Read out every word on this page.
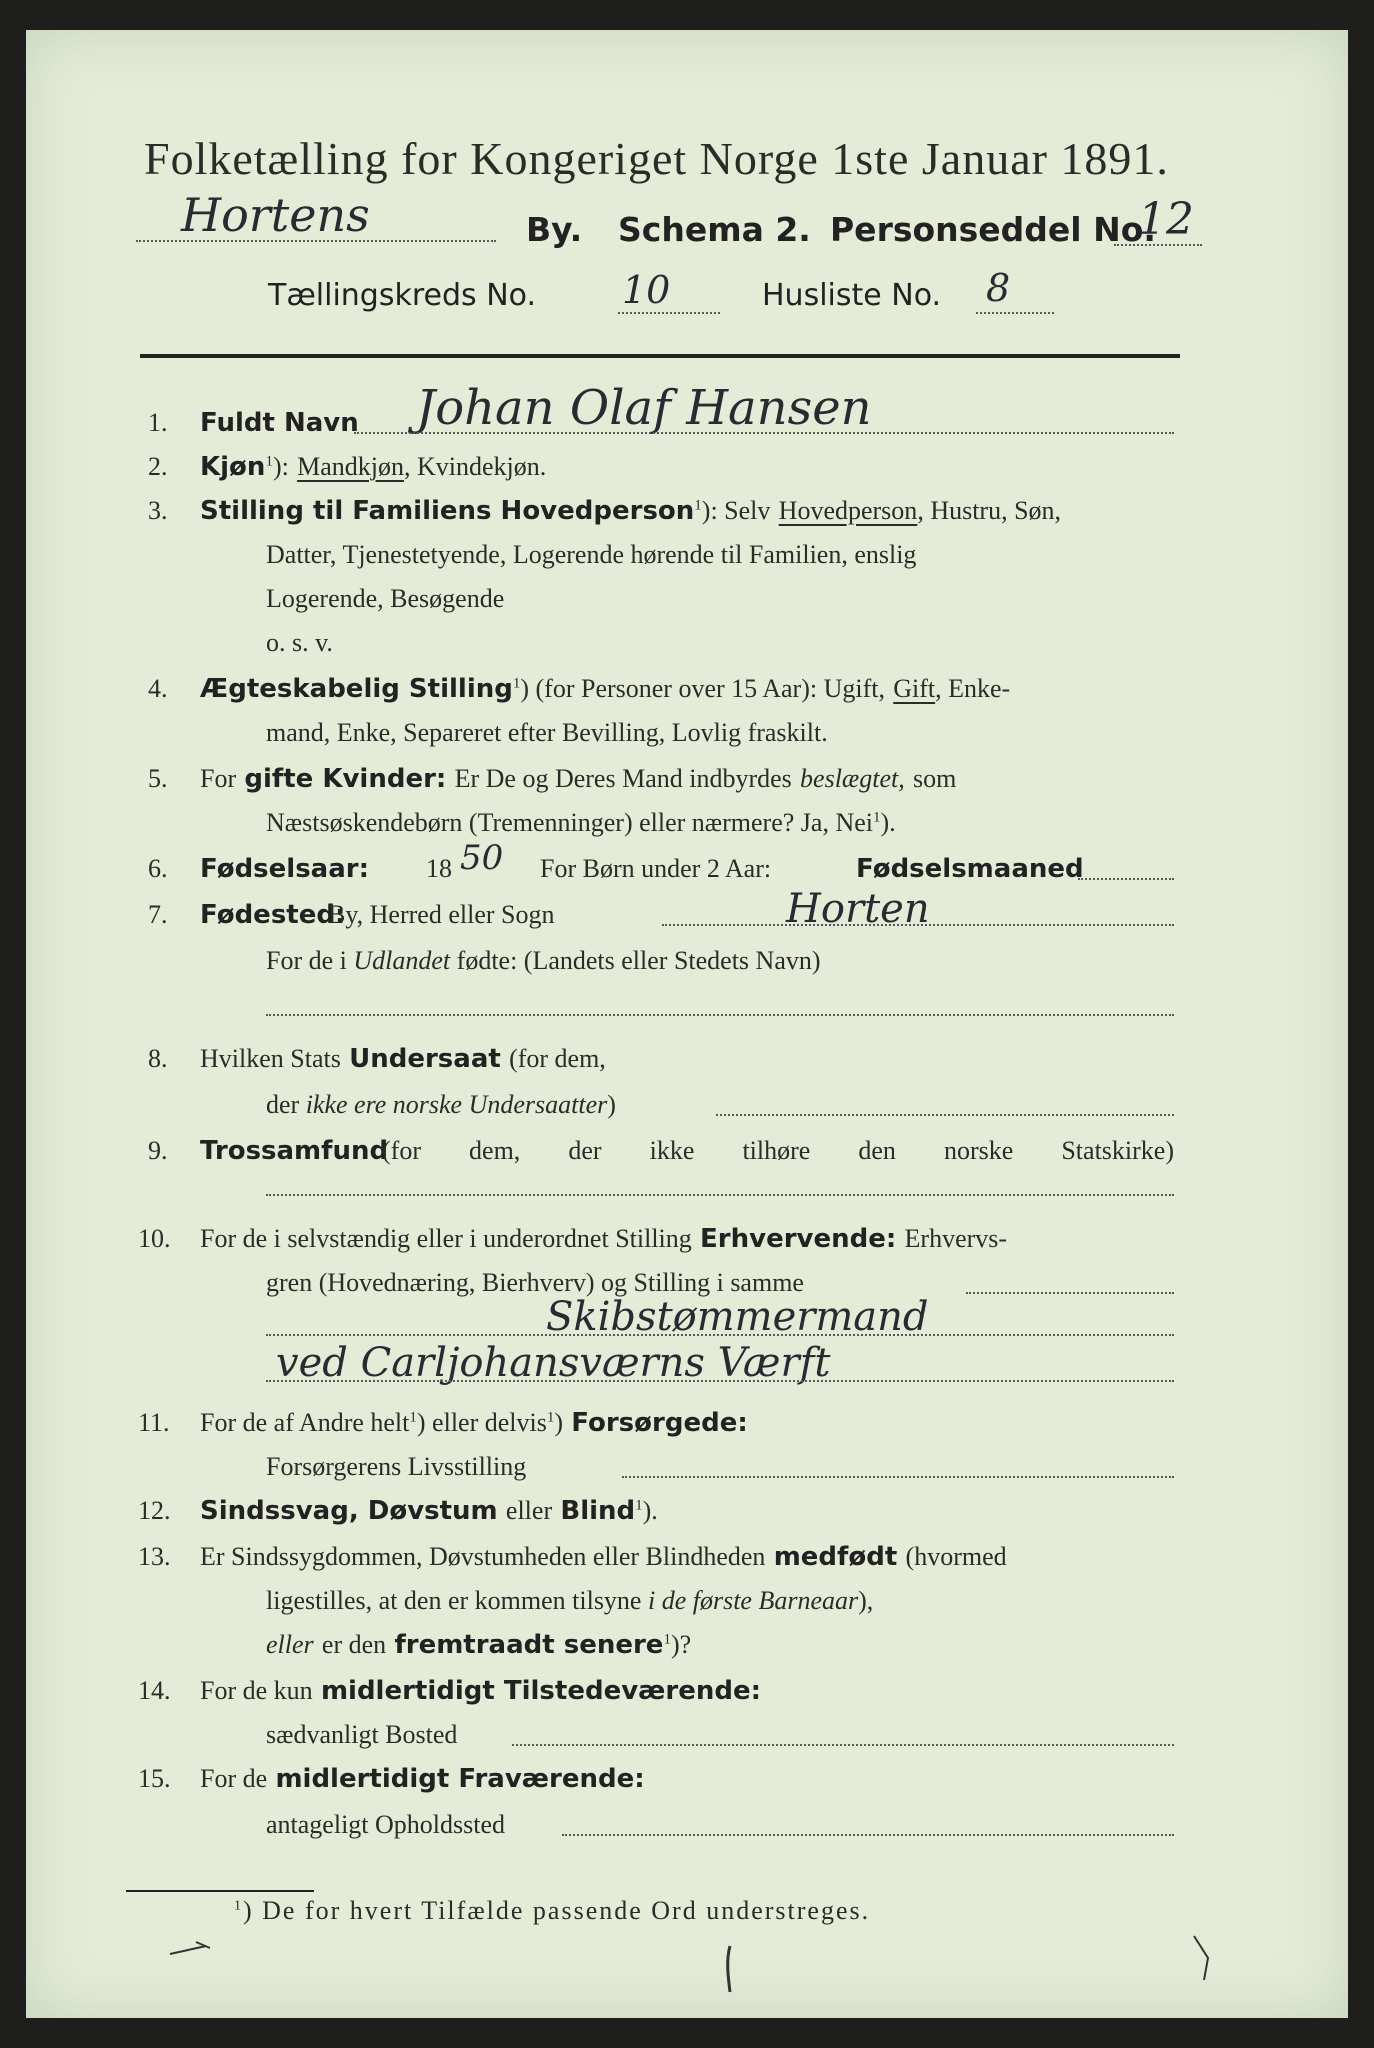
Folketælling for Kongeriget Norge 1ste Januar 1891.
Hortens	By. Schema 2. Personseddel No.
12
Tællingskreds No. 10	Husliste No. 8
1. Fuldt Navn Johan Olaf Hansen
2. Kjøn$^1$): Mandkjøn, Kvindekjøn.
3. Stilling til Familiens Hovedperson$^1$): Selv Hovedperson, Hustru, Søn,
Datter, Tjenestetyende, Logerende hørende til Familien, enslig
Logerende, Besøgende
o. s. v.
4. Ægteskabelig Stilling$^1$) (for Personer over 15 Aar): Ugift, Gift, Enke-
mand, Enke, Separeret efter Bevilling, Lovlig fraskilt.
5. For gifte Kvinder: Er De og Deres Mand indbyrdes beslægtet, som
Næstsøskendebørn (Tremenninger) eller nærmere? Ja, Nei$^1$).
6. Fødselsaar: 18 50 For Børn under 2 Aar:	Fødselsmaaned
7. Fødested:
By, Herred eller Sogn	Horten
For de i Udlandet fødte: (Landets eller Stedets Navn)
8. Hvilken Stats Undersaat (for dem,
der ikke ere norske Undersaatter)
9. Trossamfund
(for dem, der ikke tilhøre den norske Statskirke)
10. For de i selvstændig eller i underordnet Stilling Erhvervende: Erhvervs-
gren (Hovednæring, Bierhverv) og Stilling i samme
Skibstømmermand
ved Carljohansværns Værft
11. For de af Andre helt$^1$) eller delvis$^1$) Forsørgede:
Forsørgerens Livsstilling
12. Sindssvag, Døvstum eller Blind$^1$).
13. Er Sindssygdommen, Døvstumheden eller Blindheden medfødt (hvormed
ligestilles, at den er kommen tilsyne i de første Barneaar),
eller er den fremtraadt senere$^1$)?
14. For de kun midlertidigt Tilstedeværende:
sædvanligt Bosted
15. For de midlertidigt Fraværende:
antageligt Opholdssted
$^1$) De for hvert Tilfælde passende Ord understreges.
